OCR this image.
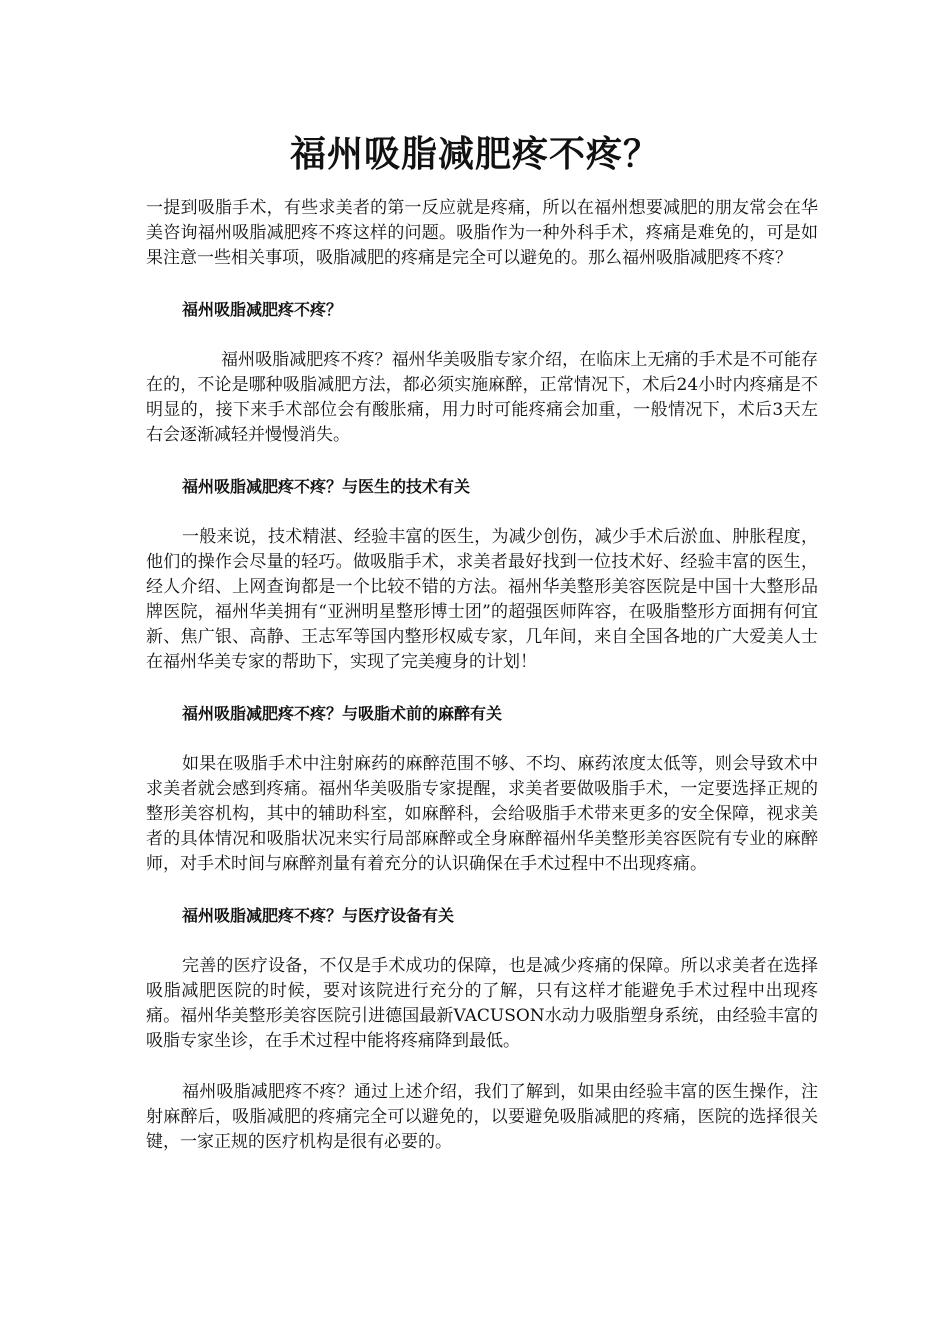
福州吸脂减肥疼不疼？

一提到吸脂手术，有些求美者的第一反应就是疼痛，所以在福州想要减肥的朋友常会在华美咨询福州吸脂减肥疼不疼这样的问题。吸脂作为一种外科手术，疼痛是难免的，可是如果注意一些相关事项，吸脂减肥的疼痛是完全可以避免的。那么福州吸脂减肥疼不疼？

福州吸脂减肥疼不疼？

福州吸脂减肥疼不疼？福州华美吸脂专家介绍，在临床上无痛的手术是不可能存在的，不论是哪种吸脂减肥方法，都必须实施麻醉，正常情况下，术后24小时内疼痛是不明显的，接下来手术部位会有酸胀痛，用力时可能疼痛会加重，一般情况下，术后3天左右会逐渐减轻并慢慢消失。

福州吸脂减肥疼不疼？与医生的技术有关

一般来说，技术精湛、经验丰富的医生，为减少创伤，减少手术后淤血、肿胀程度，他们的操作会尽量的轻巧。做吸脂手术，求美者最好找到一位技术好、经验丰富的医生，经人介绍、上网查询都是一个比较不错的方法。福州华美整形美容医院是中国十大整形品牌医院，福州华美拥有“亚洲明星整形博士团”的超强医师阵容，在吸脂整形方面拥有何宜新、焦广银、高静、王志军等国内整形权威专家，几年间，来自全国各地的广大爱美人士在福州华美专家的帮助下，实现了完美瘦身的计划！

福州吸脂减肥疼不疼？与吸脂术前的麻醉有关

如果在吸脂手术中注射麻药的麻醉范围不够、不均、麻药浓度太低等，则会导致术中求美者就会感到疼痛。福州华美吸脂专家提醒，求美者要做吸脂手术，一定要选择正规的整形美容机构，其中的辅助科室，如麻醉科，会给吸脂手术带来更多的安全保障，视求美者的具体情况和吸脂状况来实行局部麻醉或全身麻醉福州华美整形美容医院有专业的麻醉师，对手术时间与麻醉剂量有着充分的认识确保在手术过程中不出现疼痛。

福州吸脂减肥疼不疼？与医疗设备有关

完善的医疗设备，不仅是手术成功的保障，也是减少疼痛的保障。所以求美者在选择吸脂减肥医院的时候，要对该院进行充分的了解，只有这样才能避免手术过程中出现疼痛。福州华美整形美容医院引进德国最新VACUSON水动力吸脂塑身系统，由经验丰富的吸脂专家坐诊，在手术过程中能将疼痛降到最低。

福州吸脂减肥疼不疼？通过上述介绍，我们了解到，如果由经验丰富的医生操作，注射麻醉后，吸脂减肥的疼痛完全可以避免的，以要避免吸脂减肥的疼痛，医院的选择很关键，一家正规的医疗机构是很有必要的。
